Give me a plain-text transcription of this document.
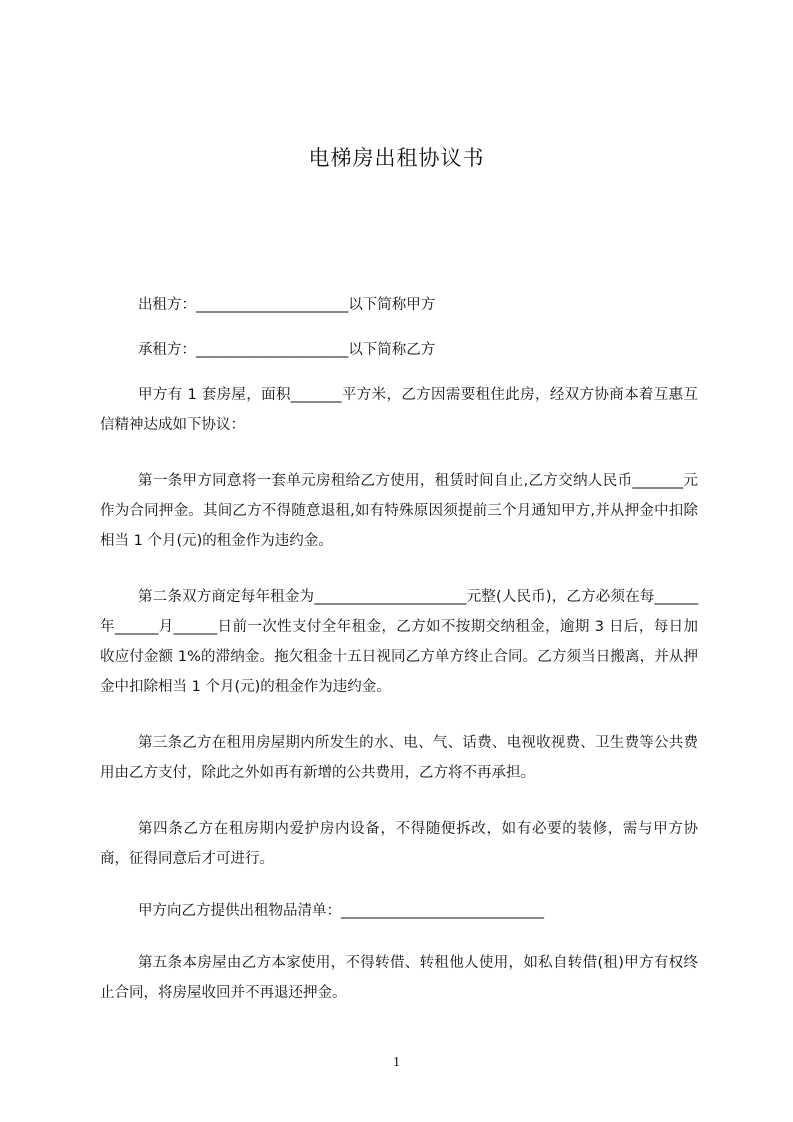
电梯房出租协议书

出租方：_____________________以下简称甲方

承租方：_____________________以下简称乙方

甲方有 1 套房屋，面积_______平方米，乙方因需要租住此房，经双方协商本着互惠互信精神达成如下协议：

第一条甲方同意将一套单元房租给乙方使用，租赁时间自止,乙方交纳人民币_______元作为合同押金。其间乙方不得随意退租,如有特殊原因须提前三个月通知甲方,并从押金中扣除相当 1 个月(元)的租金作为违约金。

第二条双方商定每年租金为_____________________元整(人民币)，乙方必须在每______年______月______日前一次性支付全年租金，乙方如不按期交纳租金，逾期 3 日后，每日加收应付金额 1%的滞纳金。拖欠租金十五日视同乙方单方终止合同。乙方须当日搬离，并从押金中扣除相当 1 个月(元)的租金作为违约金。

第三条乙方在租用房屋期内所发生的水、电、气、话费、电视收视费、卫生费等公共费用由乙方支付，除此之外如再有新增的公共费用，乙方将不再承担。

第四条乙方在租房期内爱护房内设备，不得随便拆改，如有必要的装修，需与甲方协商，征得同意后才可进行。

甲方向乙方提供出租物品清单：____________________________

第五条本房屋由乙方本家使用，不得转借、转租他人使用，如私自转借(租)甲方有权终止合同，将房屋收回并不再退还押金。

1
